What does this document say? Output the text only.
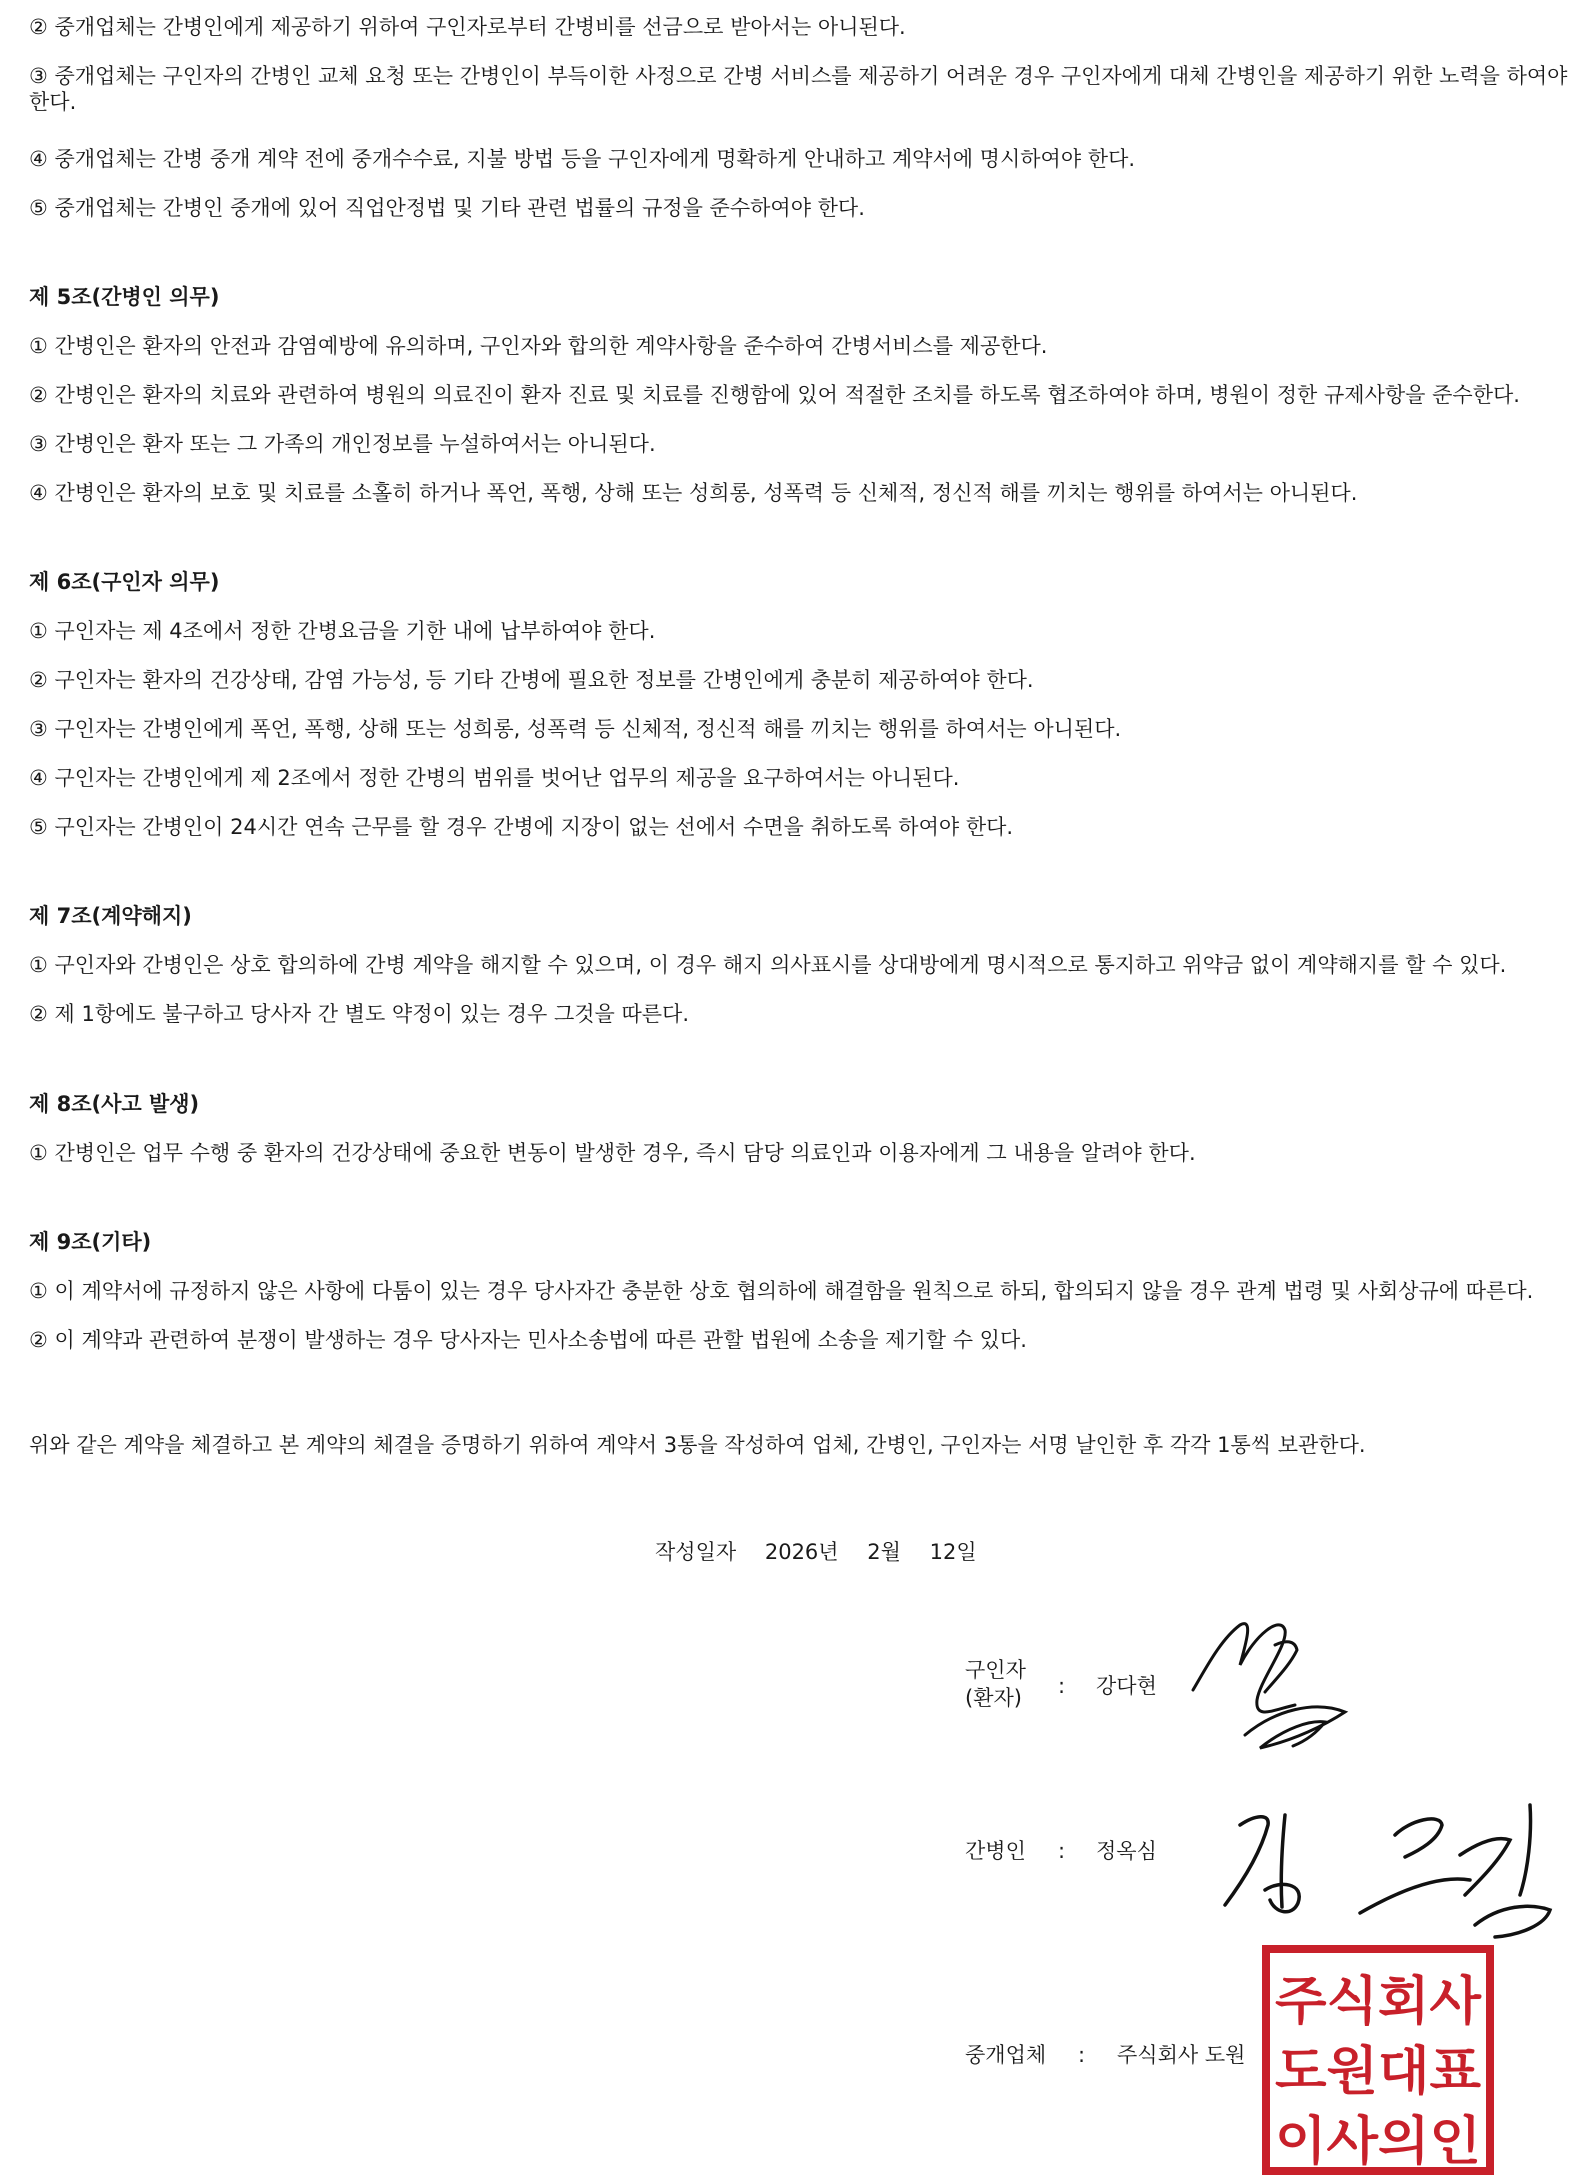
② 중개업체는 간병인에게 제공하기 위하여 구인자로부터 간병비를 선금으로 받아서는 아니된다.
③ 중개업체는 구인자의 간병인 교체 요청 또는 간병인이 부득이한 사정으로 간병 서비스를 제공하기 어려운 경우 구인자에게 대체 간병인을 제공하기 위한 노력을 하여야 한다.
④ 중개업체는 간병 중개 계약 전에 중개수수료, 지불 방법 등을 구인자에게 명확하게 안내하고 계약서에 명시하여야 한다.
⑤ 중개업체는 간병인 중개에 있어 직업안정법 및 기타 관련 법률의 규정을 준수하여야 한다.
제 5조(간병인 의무)
① 간병인은 환자의 안전과 감염예방에 유의하며, 구인자와 합의한 계약사항을 준수하여 간병서비스를 제공한다.
② 간병인은 환자의 치료와 관련하여 병원의 의료진이 환자 진료 및 치료를 진행함에 있어 적절한 조치를 하도록 협조하여야 하며, 병원이 정한 규제사항을 준수한다.
③ 간병인은 환자 또는 그 가족의 개인정보를 누설하여서는 아니된다.
④ 간병인은 환자의 보호 및 치료를 소홀히 하거나 폭언, 폭행, 상해 또는 성희롱, 성폭력 등 신체적, 정신적 해를 끼치는 행위를 하여서는 아니된다.
제 6조(구인자 의무)
① 구인자는 제 4조에서 정한 간병요금을 기한 내에 납부하여야 한다.
② 구인자는 환자의 건강상태, 감염 가능성, 등 기타 간병에 필요한 정보를 간병인에게 충분히 제공하여야 한다.
③ 구인자는 간병인에게 폭언, 폭행, 상해 또는 성희롱, 성폭력 등 신체적, 정신적 해를 끼치는 행위를 하여서는 아니된다.
④ 구인자는 간병인에게 제 2조에서 정한 간병의 범위를 벗어난 업무의 제공을 요구하여서는 아니된다.
⑤ 구인자는 간병인이 24시간 연속 근무를 할 경우 간병에 지장이 없는 선에서 수면을 취하도록 하여야 한다.
제 7조(계약해지)
① 구인자와 간병인은 상호 합의하에 간병 계약을 해지할 수 있으며, 이 경우 해지 의사표시를 상대방에게 명시적으로 통지하고 위약금 없이 계약해지를 할 수 있다.
② 제 1항에도 불구하고 당사자 간 별도 약정이 있는 경우 그것을 따른다.
제 8조(사고 발생)
① 간병인은 업무 수행 중 환자의 건강상태에 중요한 변동이 발생한 경우, 즉시 담당 의료인과 이용자에게 그 내용을 알려야 한다.
제 9조(기타)
① 이 계약서에 규정하지 않은 사항에 다툼이 있는 경우 당사자간 충분한 상호 협의하에 해결함을 원칙으로 하되, 합의되지 않을 경우 관계 법령 및 사회상규에 따른다.
② 이 계약과 관련하여 분쟁이 발생하는 경우 당사자는 민사소송법에 따른 관할 법원에 소송을 제기할 수 있다.
위와 같은 계약을 체결하고 본 계약의 체결을 증명하기 위하여 계약서 3통을 작성하여 업체, 간병인, 구인자는 서명 날인한 후 각각 1통씩 보관한다.
작성일자 2026년 2월 12일
구인자
(환자) : 강다현
간병인 : 정옥심
중개업체 : 주식회사 도원
주식회사
도원대표
이사의인
